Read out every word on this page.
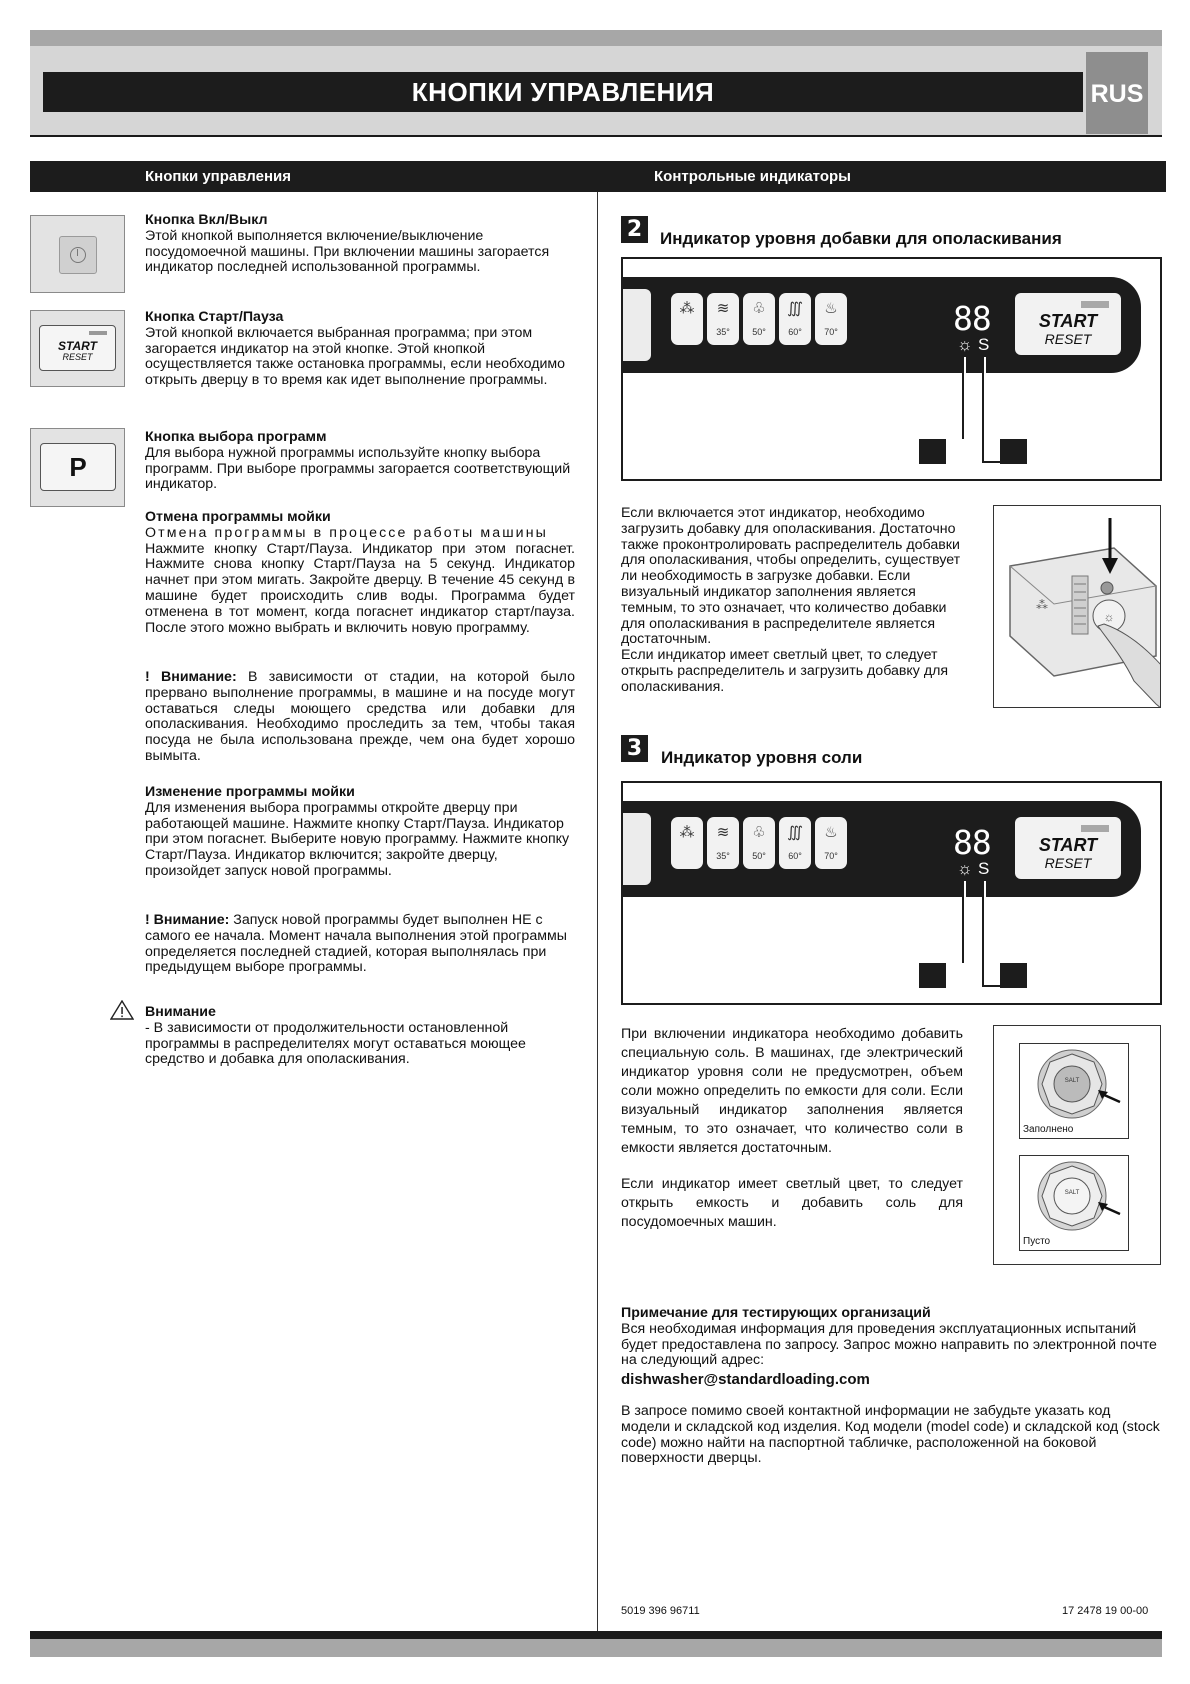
КНОПКИ УПРАВЛЕНИЯ	RUS
Кнопки управления	Контрольные индикаторы
Кнопка Вкл/Выкл

Этой кнопкой выполняется включение/выключение посудомоечной машины. При включении машины загорается индикатор последней использованной программы.

START
RESET
Кнопка Старт/Пауза

Этой кнопкой включается выбранная программа; при этом загорается индикатор на этой кнопке. Этой кнопкой осуществляется также остановка программы, если необходимо открыть дверцу в то время как идет выполнение программы.

P
Кнопка выбора программ

Для выбора нужной программы используйте кнопку выбора программ. При выборе программы загорается соответствующий индикатор.

Отмена программы мойки

Отмена программы в процессе работы машины

Нажмите кнопку Старт/Пауза. Индикатор при этом погаснет. Нажмите снова кнопку Старт/Пауза на 5 секунд. Индикатор начнет при этом мигать. Закройте дверцу. В течение 45 секунд в машине будет происходить слив воды. Программа будет отменена в тот момент, когда погаснет индикатор старт/пауза. После этого можно выбрать и включить новую программу.

! Внимание: В зависимости от стадии, на которой было прервано выполнение программы, в машине и на посуде могут оставаться следы моющего средства или добавки для ополаскивания. Необходимо проследить за тем, чтобы такая посуда не была использована прежде, чем она будет хорошо вымыта.

Изменение программы мойки

Для изменения выбора программы откройте дверцу при работающей машине. Нажмите кнопку Старт/Пауза. Индикатор при этом погаснет. Выберите новую программу. Нажмите кнопку Старт/Пауза. Индикатор включится; закройте дверцу, произойдет запуск новой программы.

! Внимание: Запуск новой программы будет выполнен НЕ с самого ее начала. Момент начала выполнения этой программы определяется последней стадией, которая выполнялась при предыдущем выборе программы.

Внимание

- В зависимости от продолжительности остановленной программы в распределителях могут оставаться моющее средство и добавка для ополаскивания.

2	Индикатор уровня добавки для ополаскивания
⁂	≋
35°
♧
50°
∭
60°
♨
70°	88
☼ S
START
RESET

Если включается этот индикатор, необходимо загрузить добавку для ополаскивания. Достаточно также проконтролировать распределитель добавки для ополаскивания, чтобы определить, существует ли необходимость в загрузке добавки. Если визуальный индикатор заполнения является темным, то это означает, что количество добавки для ополаскивания в распределителе является достаточным.

Если индикатор имеет светлый цвет, то следует открыть распределитель и загрузить добавку для ополаскивания.

☼
⁂
3	Индикатор уровня соли
⁂	≋
35°
♧
50°
∭
60°
♨
70°	88
☼ S
START
RESET

При включении индикатора необходимо добавить специальную соль. В машинах, где электрический индикатор уровня соли не предусмотрен, объем соли можно определить по емкости для соли. Если визуальный индикатор заполнения является темным, то это означает, что количество соли в емкости является достаточным.

Если индикатор имеет светлый цвет, то следует открыть емкость и добавить соль для посудомоечных машин.

SALT
Заполнено
SALT
Пусто

Примечание для тестирующих организаций

Вся необходимая информация для проведения эксплуатационных испытаний будет предоставлена по запросу. Запрос можно направить по электронной почте на следующий адрес:

dishwasher@standardloading.com

В запросе помимо своей контактной информации не забудьте указать код модели и складской код изделия. Код модели (model code) и складской код (stock code) можно найти на паспортной табличке, расположенной на боковой поверхности дверцы.

5019 396 96711	17 2478 19 00-00
